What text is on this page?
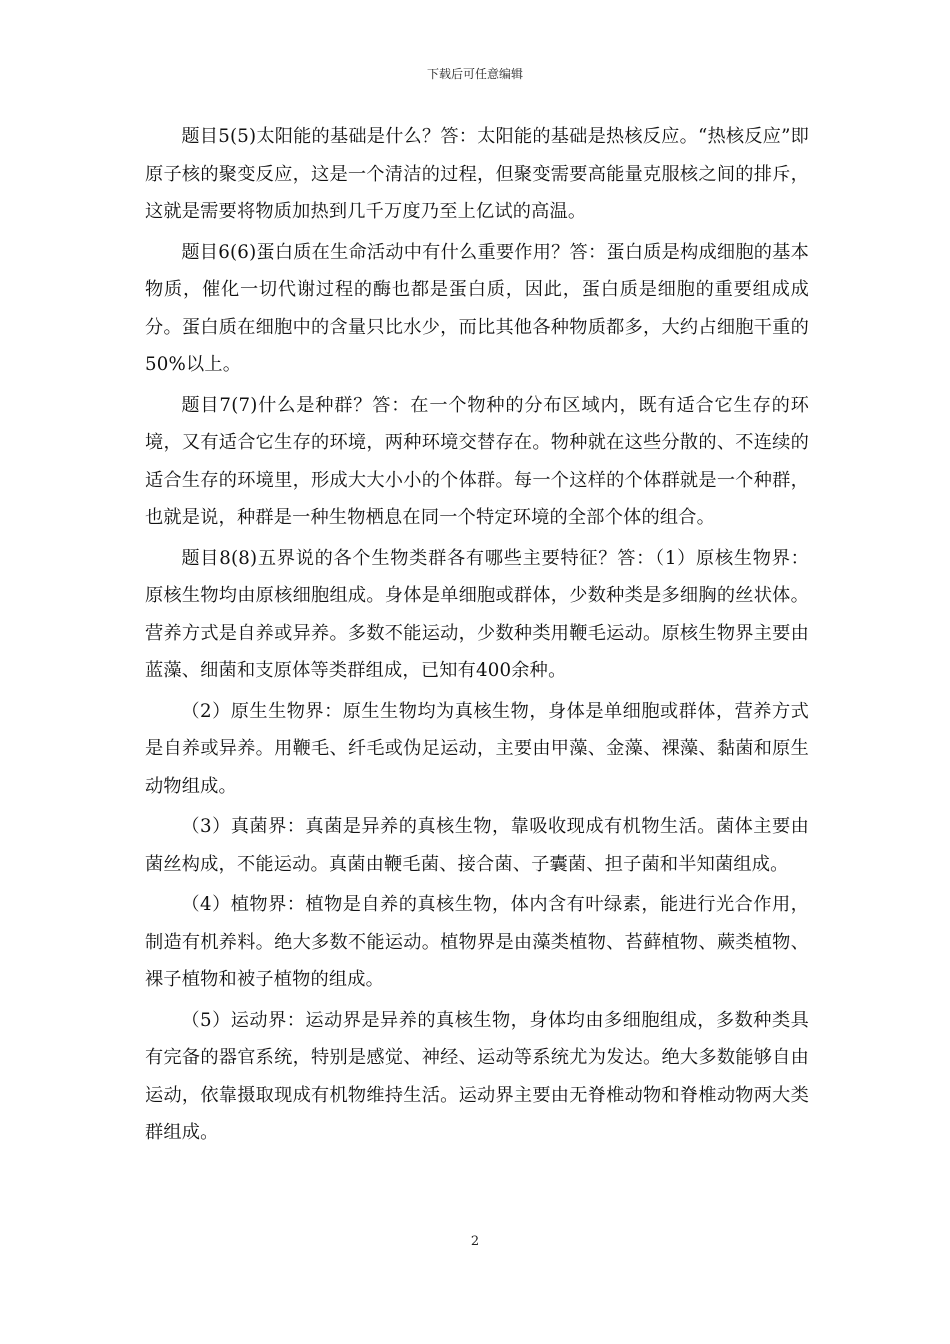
下载后可任意编辑

题目5(5)太阳能的基础是什么？答：太阳能的基础是热核反应。“热核反应”即原子核的聚变反应，这是一个清洁的过程，但聚变需要高能量克服核之间的排斥，这就是需要将物质加热到几千万度乃至上亿试的高温。

题目6(6)蛋白质在生命活动中有什么重要作用？答：蛋白质是构成细胞的基本物质，催化一切代谢过程的酶也都是蛋白质，因此，蛋白质是细胞的重要组成成分。蛋白质在细胞中的含量只比水少，而比其他各种物质都多，大约占细胞干重的50%以上。

题目7(7)什么是种群？答：在一个物种的分布区域内，既有适合它生存的环境，又有适合它生存的环境，两种环境交替存在。物种就在这些分散的、不连续的适合生存的环境里，形成大大小小的个体群。每一个这样的个体群就是一个种群，也就是说，种群是一种生物栖息在同一个特定环境的全部个体的组合。

题目8(8)五界说的各个生物类群各有哪些主要特征？答：（1）原核生物界：原核生物均由原核细胞组成。身体是单细胞或群体，少数种类是多细胸的丝状体。营养方式是自养或异养。多数不能运动，少数种类用鞭毛运动。原核生物界主要由蓝藻、细菌和支原体等类群组成，已知有400余种。

（2）原生生物界：原生生物均为真核生物，身体是单细胞或群体，营养方式是自养或异养。用鞭毛、纤毛或伪足运动，主要由甲藻、金藻、裸藻、黏菌和原生动物组成。

（3）真菌界：真菌是异养的真核生物，靠吸收现成有机物生活。菌体主要由菌丝构成，不能运动。真菌由鞭毛菌、接合菌、子囊菌、担子菌和半知菌组成。

（4）植物界：植物是自养的真核生物，体内含有叶绿素，能进行光合作用，制造有机养料。绝大多数不能运动。植物界是由藻类植物、苔藓植物、蕨类植物、裸子植物和被子植物的组成。

（5）运动界：运动界是异养的真核生物，身体均由多细胞组成，多数种类具有完备的器官系统，特别是感觉、神经、运动等系统尤为发达。绝大多数能够自由运动，依靠摄取现成有机物维持生活。运动界主要由无脊椎动物和脊椎动物两大类群组成。

2
